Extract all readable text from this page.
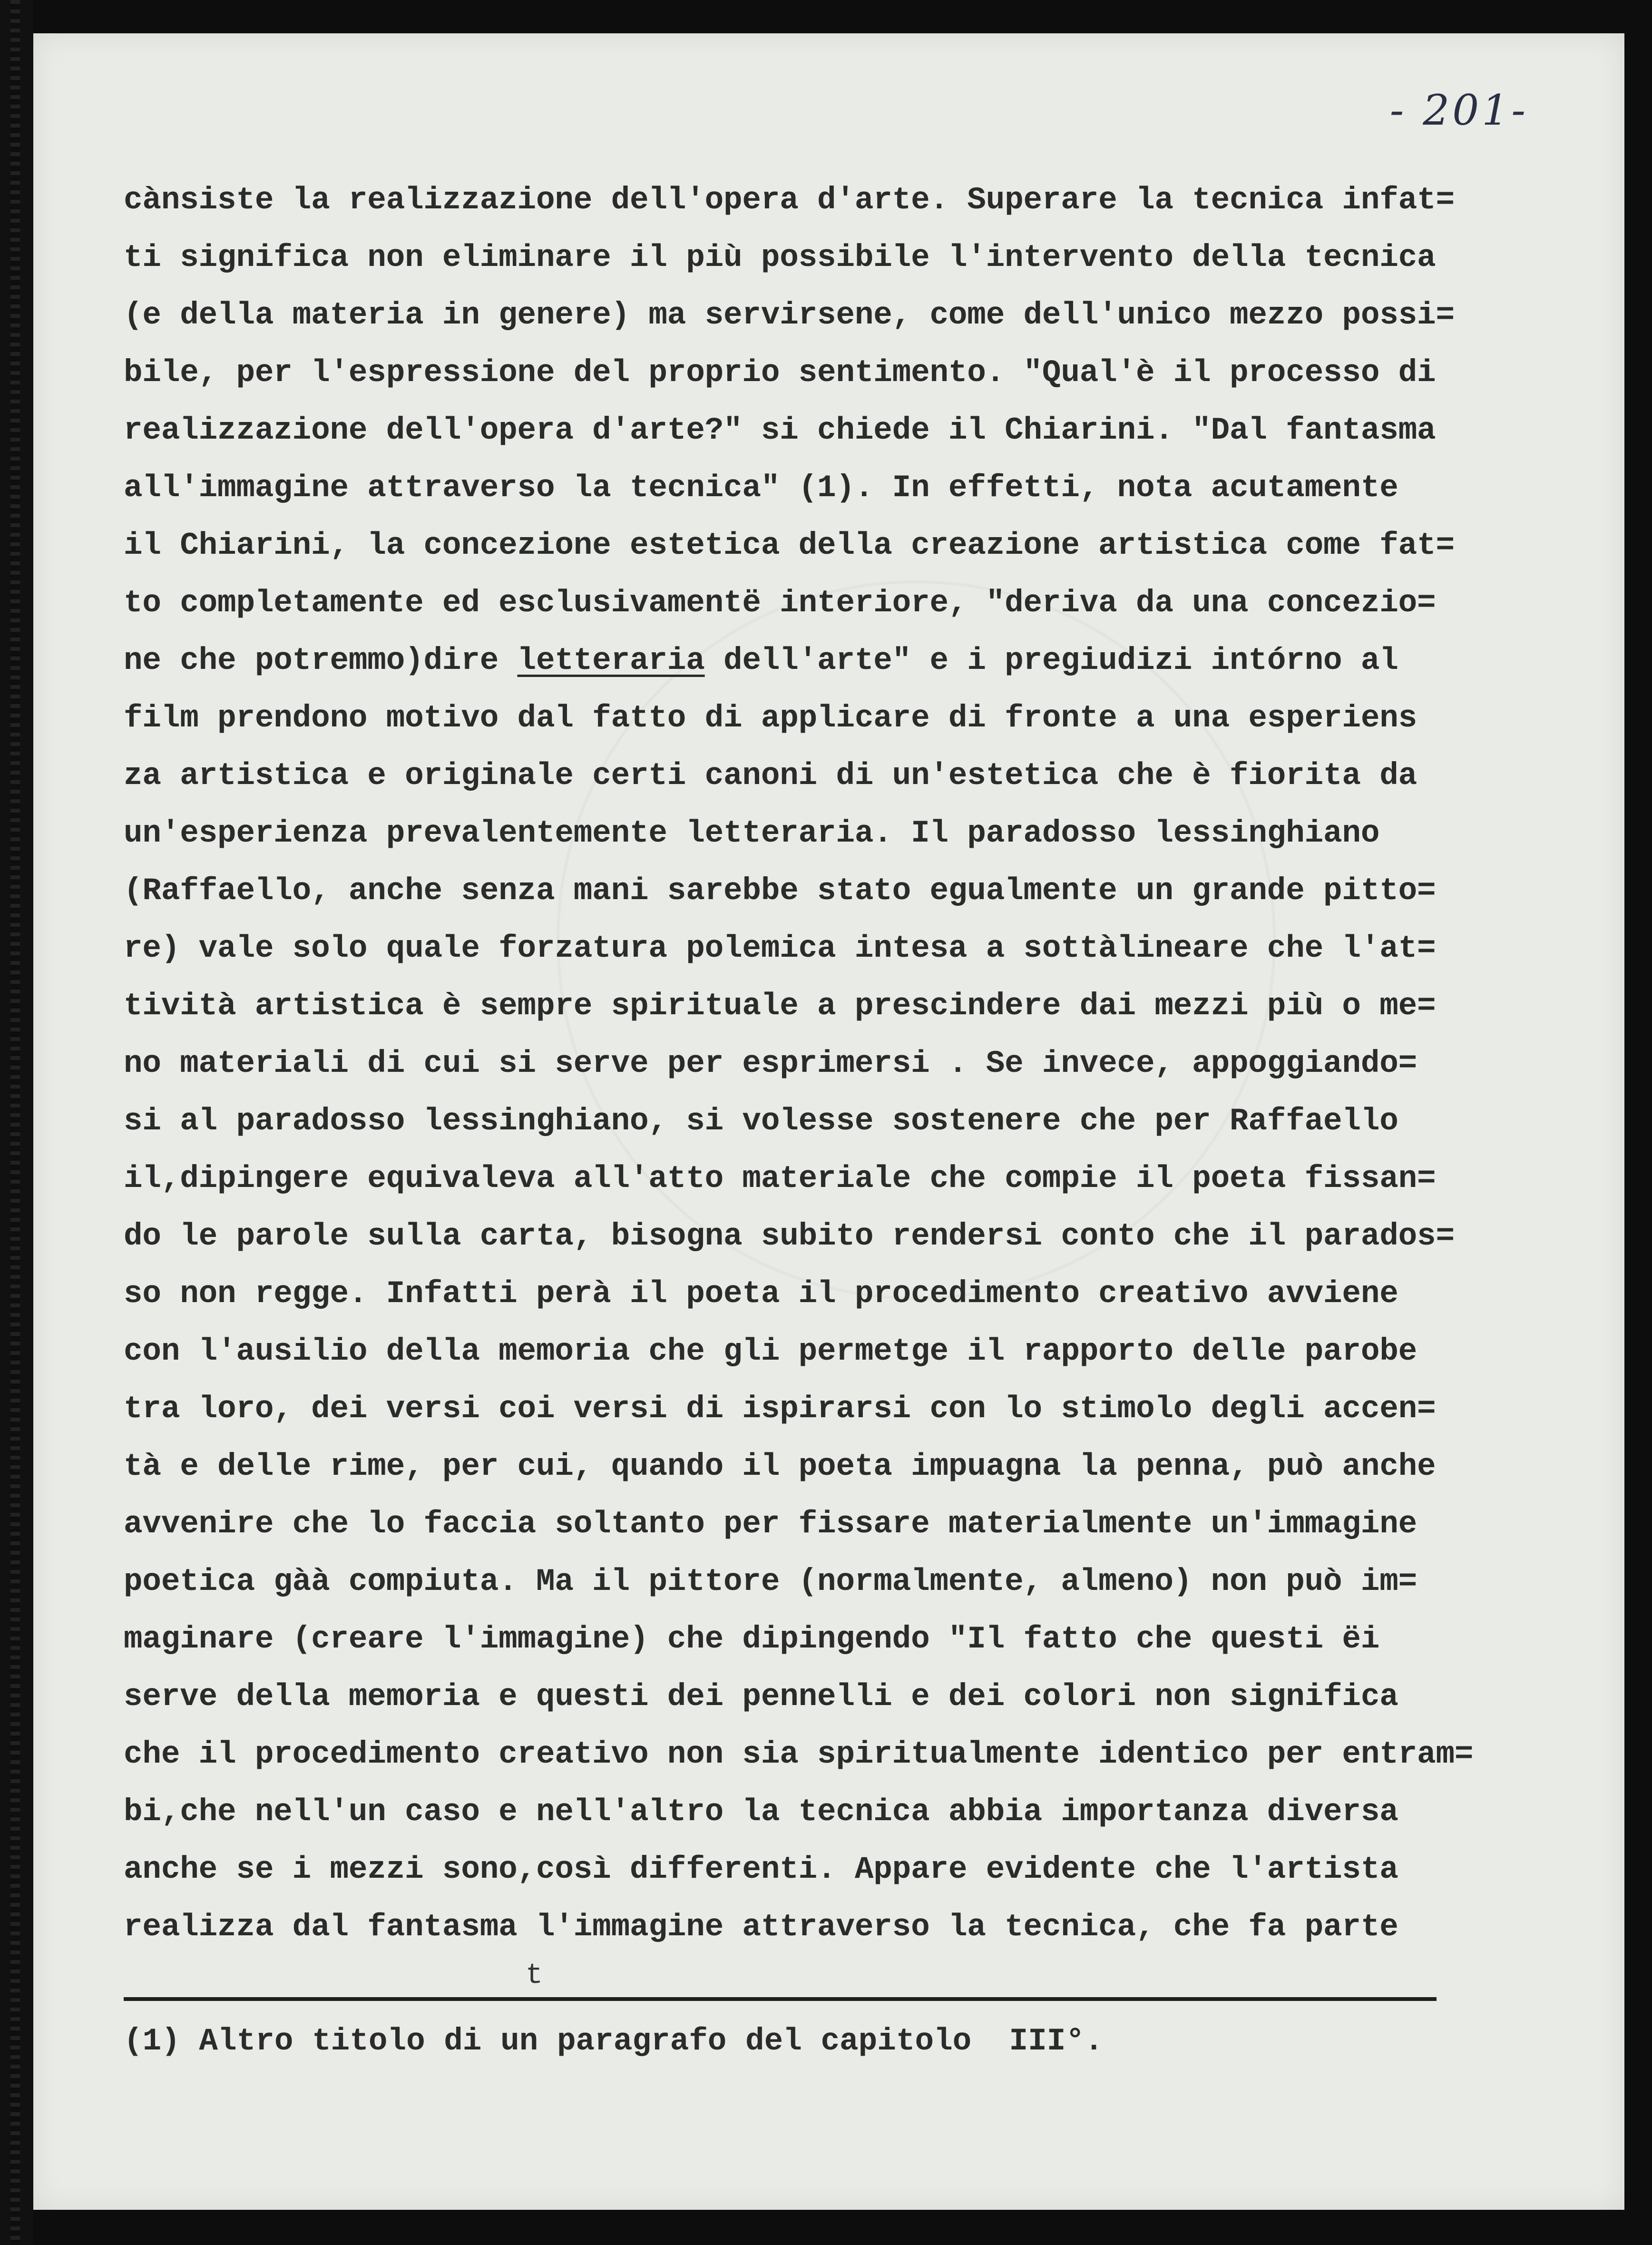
- 201-
cànsiste la realizzazione dell'opera d'arte. Superare la tecnica infat=
ti significa non eliminare il più possibile l'intervento della tecnica
(e della materia in genere) ma servirsene, come dell'unico mezzo possi=
bile, per l'espressione del proprio sentimento. "Qual'è il processo di
realizzazione dell'opera d'arte?" si chiede il Chiarini. "Dal fantasma
all'immagine attraverso la tecnica" (1). In effetti, nota acutamente
il Chiarini, la concezione estetica della creazione artistica come fat=
to completamente ed esclusivamentë interiore, "deriva da una concezio=
ne che potremmo)dire letteraria dell'arte" e i pregiudizi intórno al
film prendono motivo dal fatto di applicare di fronte a una esperiens
za artistica e originale certi canoni di un'estetica che è fiorita da
un'esperienza prevalentemente letteraria. Il paradosso lessinghiano
(Raffaello, anche senza mani sarebbe stato egualmente un grande pitto=
re) vale solo quale forzatura polemica intesa a sottàlineare che l'at=
tività artistica è sempre spirituale a prescindere dai mezzi più o me=
no materiali di cui si serve per esprimersi . Se invece, appoggiando=
si al paradosso lessinghiano, si volesse sostenere che per Raffaello
il,dipingere equivaleva all'atto materiale che compie il poeta fissan=
do le parole sulla carta, bisogna subito rendersi conto che il parados=
so non regge. Infatti perà il poeta il procedimento creativo avviene
con l'ausilio della memoria che gli permetge il rapporto delle parobe
tra loro, dei versi coi versi di ispirarsi con lo stimolo degli accen=
tà e delle rime, per cui, quando il poeta impuagna la penna, può anche
avvenire che lo faccia soltanto per fissare materialmente un'immagine
poetica gàà compiuta. Ma il pittore (normalmente, almeno) non può im=
maginare (creare l'immagine) che dipingendo "Il fatto che questi ëi
serve della memoria e questi dei pennelli e dei colori non significa
che il procedimento creativo non sia spiritualmente identico per entram=
bi,che nell'un caso e nell'altro la tecnica abbia importanza diversa
anche se i mezzi sono,così differenti. Appare evidente che l'artista
realizza dal fantasma l'immagine attraverso la tecnica, che fa parte
t
(1) Altro titolo di un paragrafo del capitolo  III°.
